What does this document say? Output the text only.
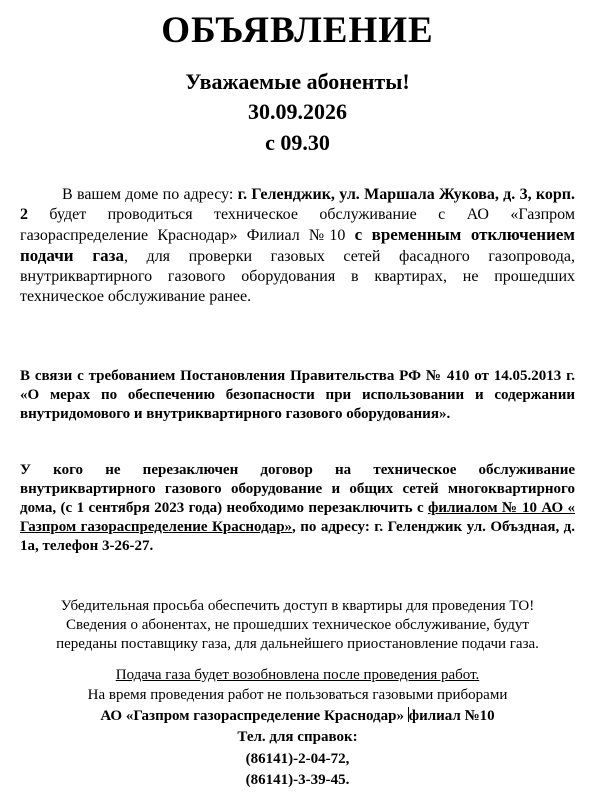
ОБЪЯВЛЕНИЕ
Уважаемые абоненты!
30.09.2026
с 09.30
В вашем доме по адресу: г. Геленджик, ул. Маршала Жукова, д. 3, корп. 2 будет проводиться техническое обслуживание с АО «Газпром газораспределение Краснодар» Филиал №10 с временным отключением подачи газа, для проверки газовых сетей фасадного газопровода, внутриквартирного газового оборудования в квартирах, не прошедших техническое обслуживание ранее.
В связи с требованием Постановления Правительства РФ № 410 от 14.05.2013 г. «О мерах по обеспечению безопасности при использовании и содержании внутридомового и внутриквартирного газового оборудования».
У кого не перезаключен договор на техническое обслуживание внутриквартирного газового оборудование и общих сетей многоквартирного дома, (с 1 сентября 2023 года) необходимо перезаключить с филиалом № 10 АО « Газпром газораспределение Краснодар», по адресу: г. Геленджик ул. Объздная, д. 1а, телефон 3-26-27.
Убедительная просьба обеспечить доступ в квартиры для проведения ТО!
Сведения о абонентах, не прошедших техническое обслуживание, будут
переданы поставщику газа, для дальнейшего приостановление подачи газа.
Подача газа будет возобновлена после проведения работ.
На время проведения работ не пользоваться газовыми приборами
АО «Газпром газораспределение Краснодар» филиал №10
Тел. для справок:
(86141)-2-04-72,
(86141)-3-39-45.
